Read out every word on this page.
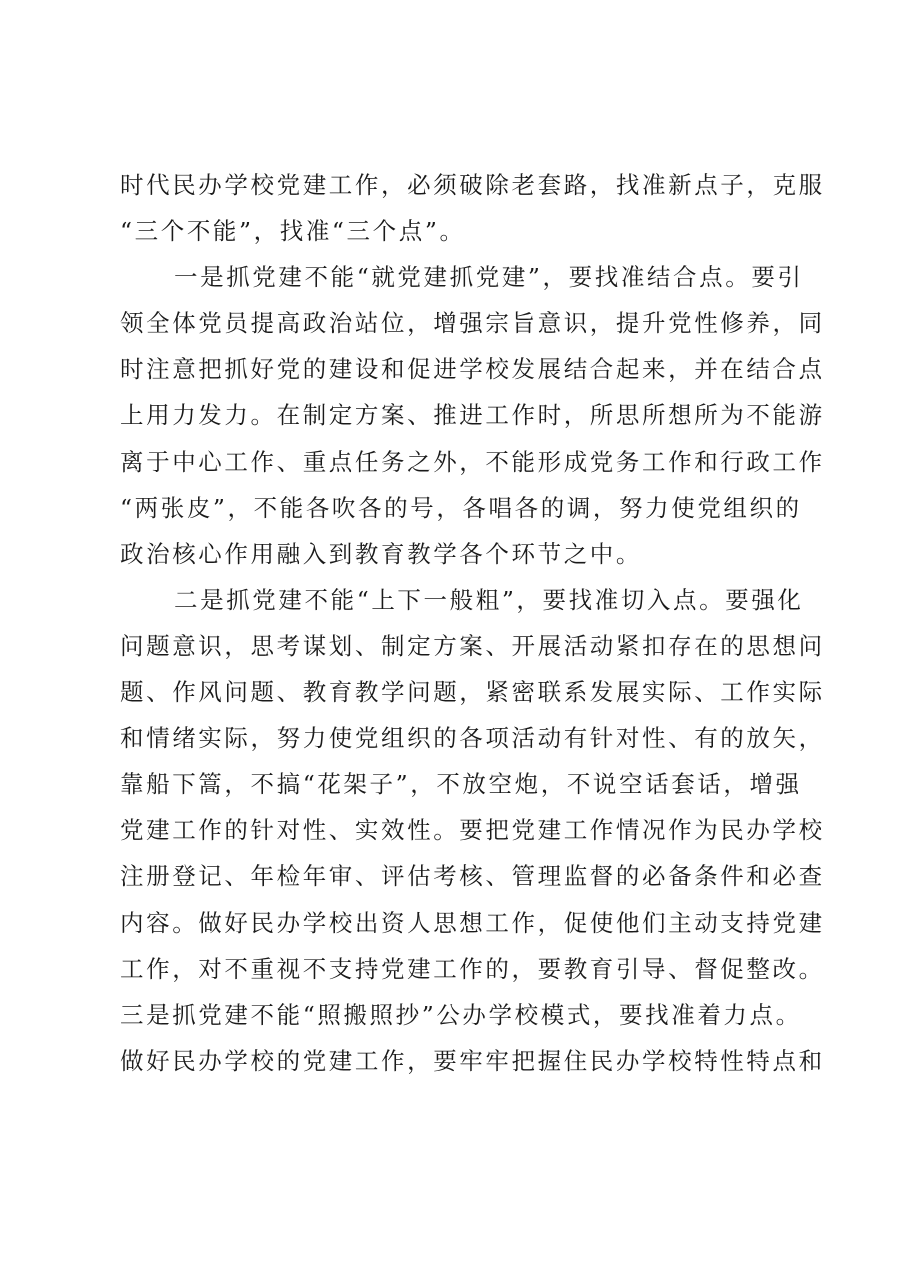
时代民办学校党建工作，必须破除老套路，找准新点子，克服
“三个不能”，找准“三个点”。
一是抓党建不能“就党建抓党建”，要找准结合点。要引
领全体党员提高政治站位，增强宗旨意识，提升党性修养，同
时注意把抓好党的建设和促进学校发展结合起来，并在结合点
上用力发力。在制定方案、推进工作时，所思所想所为不能游
离于中心工作、重点任务之外，不能形成党务工作和行政工作
“两张皮”，不能各吹各的号，各唱各的调，努力使党组织的
政治核心作用融入到教育教学各个环节之中。
二是抓党建不能“上下一般粗”，要找准切入点。要强化
问题意识，思考谋划、制定方案、开展活动紧扣存在的思想问
题、作风问题、教育教学问题，紧密联系发展实际、工作实际
和情绪实际，努力使党组织的各项活动有针对性、有的放矢，
靠船下篙，不搞“花架子”，不放空炮，不说空话套话，增强
党建工作的针对性、实效性。要把党建工作情况作为民办学校
注册登记、年检年审、评估考核、管理监督的必备条件和必查
内容。做好民办学校出资人思想工作，促使他们主动支持党建
工作，对不重视不支持党建工作的，要教育引导、督促整改。
三是抓党建不能“照搬照抄”公办学校模式，要找准着力点。
做好民办学校的党建工作，要牢牢把握住民办学校特性特点和
